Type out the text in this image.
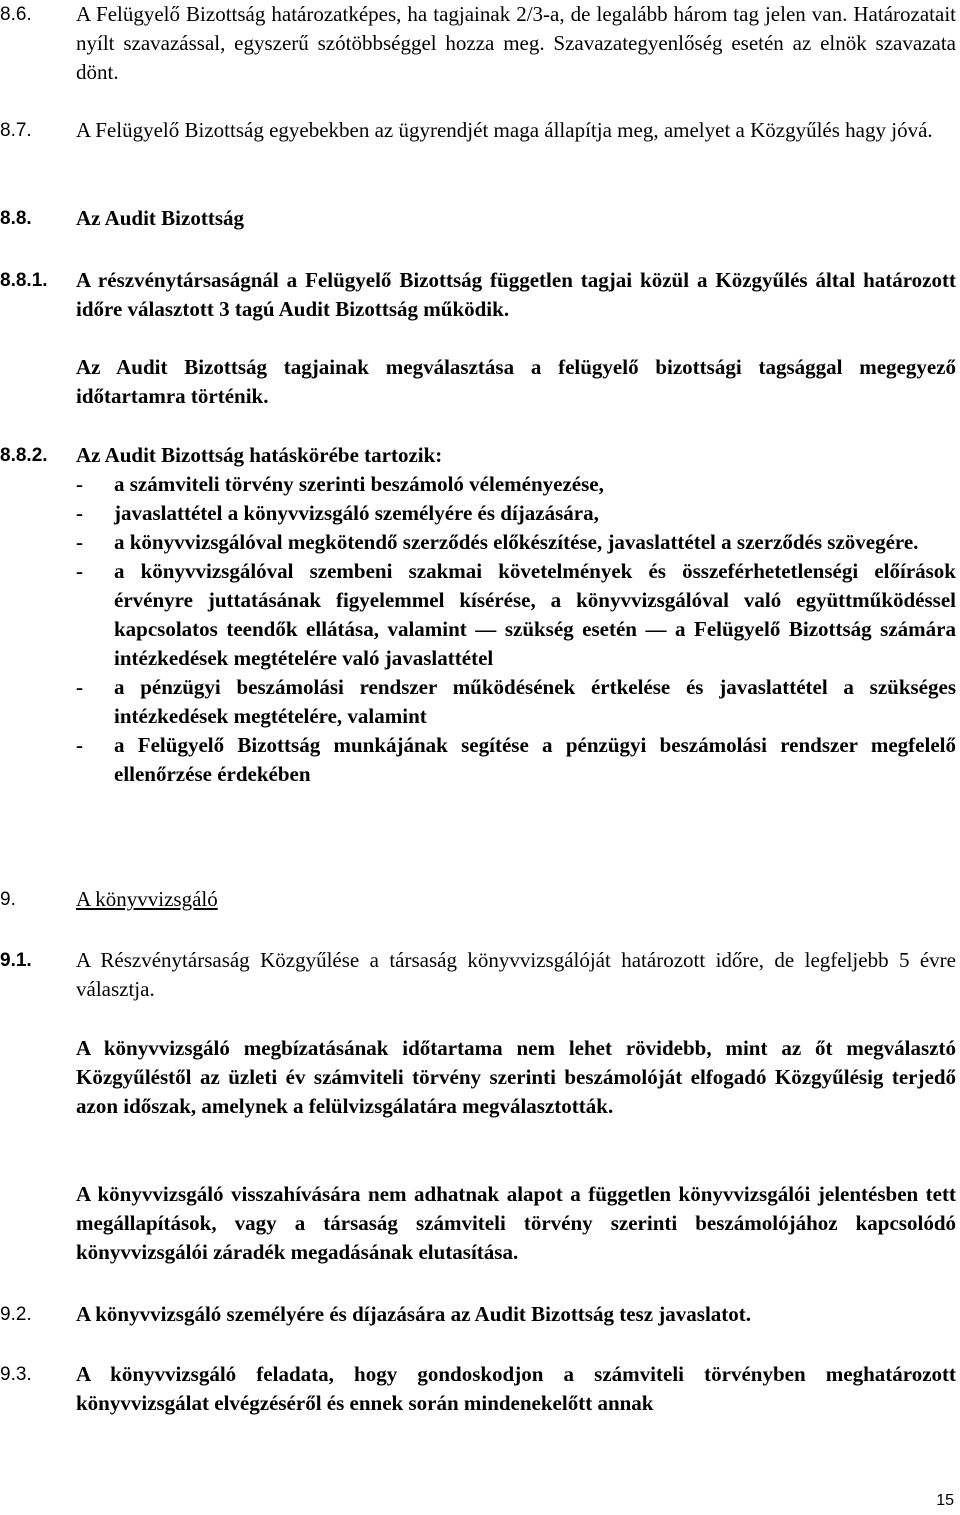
8.6. A Felügyelő Bizottság határozatképes, ha tagjainak 2/3-a, de legalább három tag jelen van. Határozatait nyílt szavazással, egyszerű szótöbbséggel hozza meg. Szavazategyenlőség esetén az elnök szavazata dönt.
8.7. A Felügyelő Bizottság egyebekben az ügyrendjét maga állapítja meg, amelyet a Közgyűlés hagy jóvá.
8.8. Az Audit Bizottság
8.8.1. A részvénytársaságnál a Felügyelő Bizottság független tagjai közül a Közgyűlés által határozott időre választott 3 tagú Audit Bizottság működik.
Az Audit Bizottság tagjainak megválasztása a felügyelő bizottsági tagsággal megegyező időtartamra történik.
8.8.2. Az Audit Bizottság hatáskörébe tartozik:
- a számviteli törvény szerinti beszámoló véleményezése,
- javaslattétel a könyvvizsgáló személyére és díjazására,
- a könyvvizsgálóval megkötendő szerződés előkészítése, javaslattétel a szerződés szövegére.
- a könyvvizsgálóval szembeni szakmai követelmények és összeférhetetlenségi előírások érvényre juttatásának figyelemmel kísérése, a könyvvizsgálóval való együttműködéssel kapcsolatos teendők ellátása, valamint — szükség esetén — a Felügyelő Bizottság számára intézkedések megtételére való javaslattétel
- a pénzügyi beszámolási rendszer működésének értkelése és javaslattétel a szükséges intézkedések megtételére, valamint
- a Felügyelő Bizottság munkájának segítése a pénzügyi beszámolási rendszer megfelelő ellenőrzése érdekében
9.	A könyvvizsgáló
9.1. A Részvénytársaság Közgyűlése a társaság könyvvizsgálóját határozott időre, de legfeljebb 5 évre választja.
A könyvvizsgáló megbízatásának időtartama nem lehet rövidebb, mint az őt megválasztó Közgyűléstől az üzleti év számviteli törvény szerinti beszámolóját elfogadó Közgyűlésig terjedő azon időszak, amelynek a felülvizsgálatára megválasztották.
A könyvvizsgáló visszahívására nem adhatnak alapot a független könyvvizsgálói jelentésben tett megállapítások, vagy a társaság számviteli törvény szerinti beszámolójához kapcsolódó könyvvizsgálói záradék megadásának elutasítása.
9.2. A könyvvizsgáló személyére és díjazására az Audit Bizottság tesz javaslatot.
9.3. A könyvvizsgáló feladata, hogy gondoskodjon a számviteli törvényben meghatározott könyvvizsgálat elvégzéséről és ennek során mindenekelőtt annak
15
